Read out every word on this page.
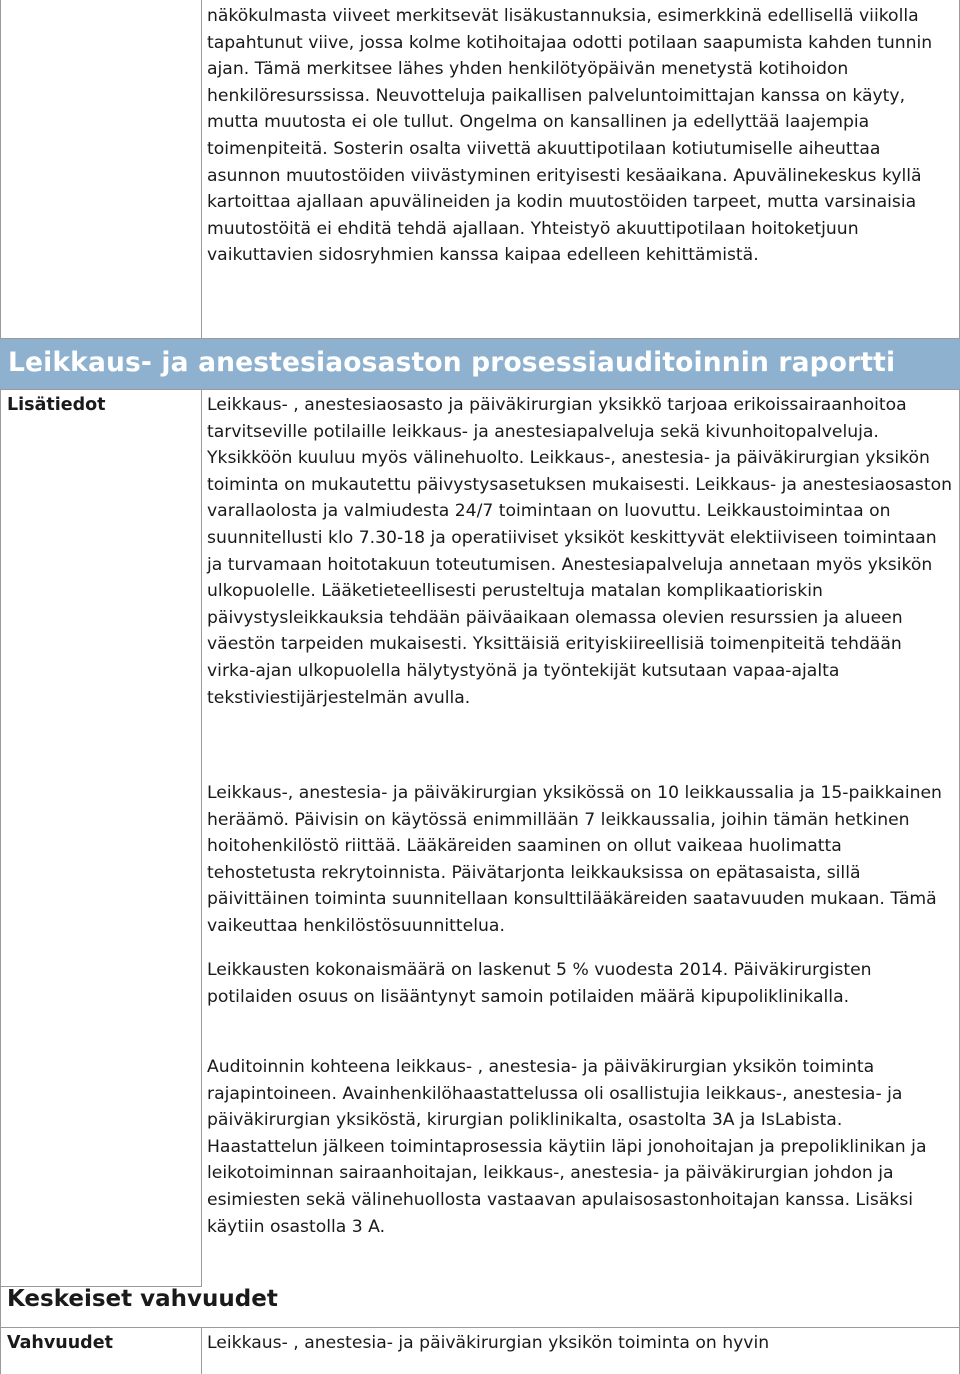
näkökulmasta viiveet merkitsevät lisäkustannuksia, esimerkkinä edellisellä viikolla tapahtunut viive, jossa kolme kotihoitajaa odotti potilaan saapumista kahden tunnin ajan. Tämä merkitsee lähes yhden henkilötyöpäivän menetystä kotihoidon henkilöresurssissa. Neuvotteluja paikallisen palveluntoimittajan kanssa on käyty, mutta muutosta ei ole tullut. Ongelma on kansallinen ja edellyttää laajempia toimenpiteitä. Sosterin osalta viivettä akuuttipotilaan kotiutumiselle aiheuttaa asunnon muutostöiden viivästyminen erityisesti kesäaikana. Apuvälinekeskus kyllä kartoittaa ajallaan apuvälineiden ja kodin muutostöiden tarpeet, mutta varsinaisia muutostöitä ei ehditä tehdä ajallaan. Yhteistyö akuuttipotilaan hoitoketjuun vaikuttavien sidosryhmien kanssa kaipaa edelleen kehittämistä.

Leikkaus- ja anestesiaosaston prosessiauditoinnin raportti

Lisätiedot	Leikkaus- , anestesiaosasto ja päiväkirurgian yksikkö tarjoaa erikoissairaanhoitoa tarvitseville potilaille leikkaus- ja anestesiapalveluja sekä kivunhoitopalveluja. Yksikköön kuuluu myös välinehuolto. Leikkaus-, anestesia- ja päiväkirurgian yksikön toiminta on mukautettu päivystysasetuksen mukaisesti. Leikkaus- ja anestesiaosaston varallaolosta ja valmiudesta 24/7 toimintaan on luovuttu. Leikkaustoimintaa on suunnitellusti klo 7.30-18 ja operatiiviset yksiköt keskittyvät elektiiviseen toimintaan ja turvamaan hoitotakuun toteutumisen. Anestesiapalveluja annetaan myös yksikön ulkopuolelle. Lääketieteellisesti perusteltuja matalan komplikaatioriskin päivystysleikkauksia tehdään päiväaikaan olemassa olevien resurssien ja alueen väestön tarpeiden mukaisesti. Yksittäisiä erityiskiireellisiä toimenpiteitä tehdään virka-ajan ulkopuolella hälytystyönä ja työntekijät kutsutaan vapaa-ajalta tekstiviestijärjestelmän avulla.

Leikkaus-, anestesia- ja päiväkirurgian yksikössä on 10 leikkaussalia ja 15-paikkainen heräämö. Päivisin on käytössä enimmillään 7 leikkaussalia, joihin tämän hetkinen hoitohenkilöstö riittää. Lääkäreiden saaminen on ollut vaikeaa huolimatta tehostetusta rekrytoinnista. Päivätarjonta leikkauksissa on epätasaista, sillä päivittäinen toiminta suunnitellaan konsulttilääkäreiden saatavuuden mukaan. Tämä vaikeuttaa henkilöstösuunnittelua.

Leikkausten kokonaismäärä on laskenut 5 % vuodesta 2014. Päiväkirurgisten potilaiden osuus on lisääntynyt samoin potilaiden määrä kipupoliklinikalla.

Auditoinnin kohteena leikkaus- , anestesia- ja päiväkirurgian yksikön toiminta rajapintoineen. Avainhenkilöhaastattelussa oli osallistujia leikkaus-, anestesia- ja päiväkirurgian yksiköstä, kirurgian poliklinikalta, osastolta 3A ja IsLabista. Haastattelun jälkeen toimintaprosessia käytiin läpi jonohoitajan ja prepoliklinikan ja leikotoiminnan sairaanhoitajan, leikkaus-, anestesia- ja päiväkirurgian johdon ja esimiesten sekä välinehuollosta vastaavan apulaisosastonhoitajan kanssa. Lisäksi käytiin osastolla 3 A.

Keskeiset vahvuudet

Vahvuudet	Leikkaus- , anestesia- ja päiväkirurgian yksikön toiminta on hyvin
